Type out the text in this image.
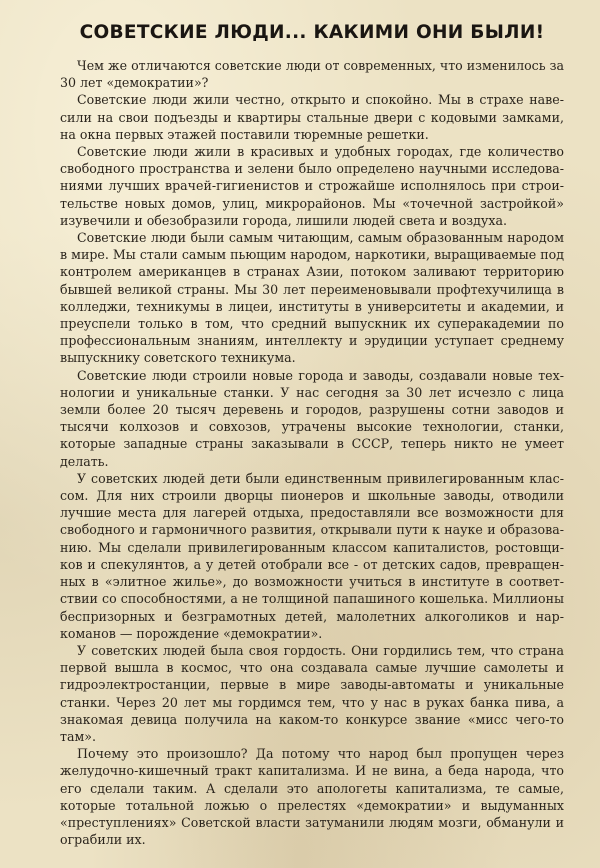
СОВЕТСКИЕ ЛЮДИ... КАКИМИ ОНИ БЫЛИ!

Чем же отличаются советские люди от современных, что изменилось за 30 лет «демократии»?

Советские люди жили честно, открыто и спокойно. Мы в страхе навесили на свои подъезды и квартиры стальные двери с кодовыми замками, на окна первых этажей поставили тюремные решетки.

Советские люди жили в красивых и удобных городах, где количество свободного пространства и зелени было определено научными исследованиями лучших врачей-гигиенистов и строжайше исполнялось при строительстве новых домов, улиц, микрорайонов. Мы «точечной застройкой» изувечили и обезобразили города, лишили людей света и воздуха.

Советские люди были самым читающим, самым образованным народом в мире. Мы стали самым пьющим народом, наркотики, выращиваемые под контролем американцев в странах Азии, потоком заливают территорию бывшей великой страны. Мы 30 лет переименовывали профтехучилища в колледжи, техникумы в лицеи, институты в университеты и академии, и преуспели только в том, что средний выпускник их суперакадемии по профессиональным знаниям, интеллекту и эрудиции уступает среднему выпускнику советского техникума.

Советские люди строили новые города и заводы, создавали новые технологии и уникальные станки. У нас сегодня за 30 лет исчезло с лица земли более 20 тысяч деревень и городов, разрушены сотни заводов и тысячи колхозов и совхозов, утрачены высокие технологии, станки, которые западные страны заказывали в СССР, теперь никто не умеет делать.

У советских людей дети были единственным привилегированным классом. Для них строили дворцы пионеров и школьные заводы, отводили лучшие места для лагерей отдыха, предоставляли все возможности для свободного и гармоничного развития, открывали пути к науке и образованию. Мы сделали привилегированным классом капиталистов, ростовщиков и спекулянтов, а у детей отобрали все - от детских садов, превращенных в «элитное жилье», до возможности учиться в институте в соответствии со способностями, а не толщиной папашиного кошелька. Миллионы беспризорных и безграмотных детей, малолетних алкоголиков и наркоманов — порождение «демократии».

У советских людей была своя гордость. Они гордились тем, что страна первой вышла в космос, что она создавала самые лучшие самолеты и гидроэлектростанции, первые в мире заводы-автоматы и уникальные станки. Через 20 лет мы гордимся тем, что у нас в руках банка пива, а знакомая девица получила на каком-то конкурсе звание «мисс чего-то там».

Почему это произошло? Да потому что народ был пропущен через желудочно-кишечный тракт капитализма. И не вина, а беда народа, что его сделали таким. А сделали это апологеты капитализма, те самые, которые тотальной ложью о прелестях «демократии» и выдуманных «преступлениях» Советской власти затуманили людям мозги, обманули и ограбили их.
